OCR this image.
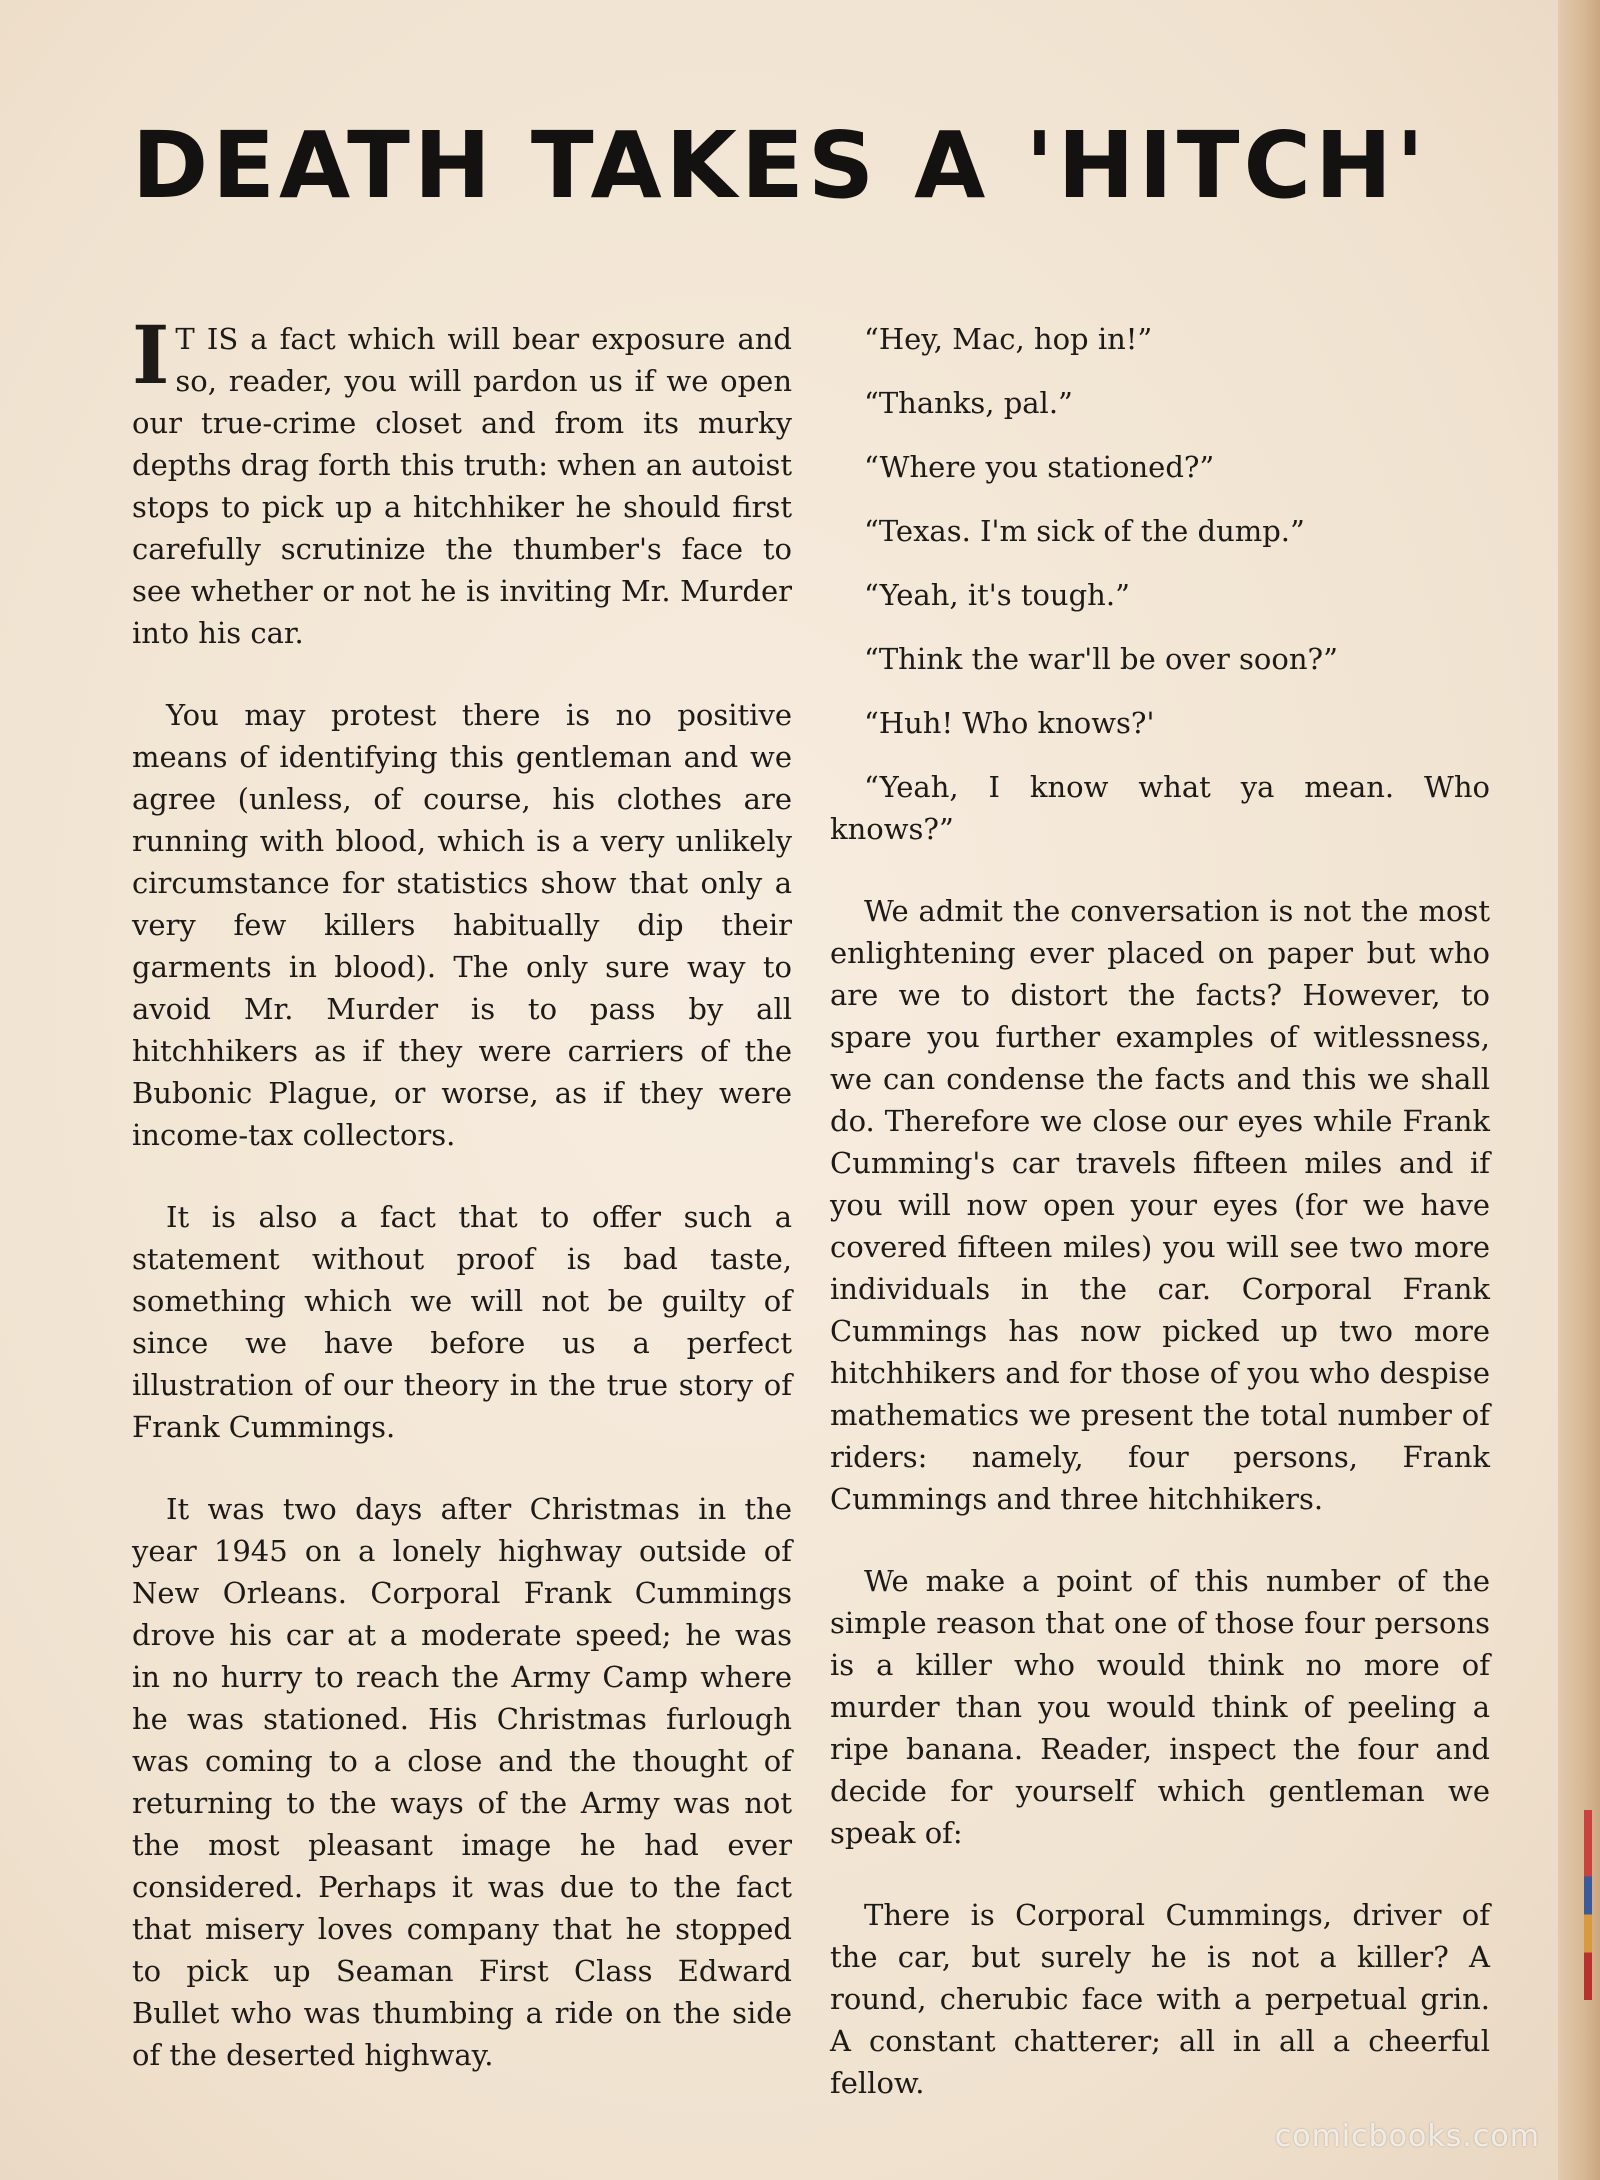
DEATH TAKES A 'HITCH'

I T IS a fact which will bear exposure and so, reader, you will pardon us if we open our true-crime closet and from its murky depths drag forth this truth: when an autoist stops to pick up a hitchhiker he should first carefully scrutinize the thumber's face to see whether or not he is inviting Mr. Murder into his car.

You may protest there is no positive means of identifying this gentleman and we agree (unless, of course, his clothes are running with blood, which is a very unlikely circumstance for statistics show that only a very few killers habitually dip their garments in blood). The only sure way to avoid Mr. Murder is to pass by all hitchhikers as if they were carriers of the Bubonic Plague, or worse, as if they were income-tax collectors.

It is also a fact that to offer such a statement without proof is bad taste, something which we will not be guilty of since we have before us a perfect illustration of our theory in the true story of Frank Cummings.

It was two days after Christmas in the year 1945 on a lonely highway outside of New Orleans. Corporal Frank Cummings drove his car at a moderate speed; he was in no hurry to reach the Army Camp where he was stationed. His Christmas furlough was coming to a close and the thought of returning to the ways of the Army was not the most pleasant image he had ever considered. Perhaps it was due to the fact that misery loves company that he stopped to pick up Seaman First Class Edward Bullet who was thumbing a ride on the side of the deserted highway.

“Hey, Mac, hop in!”

“Thanks, pal.”

“Where you stationed?”

“Texas. I'm sick of the dump.”

“Yeah, it's tough.”

“Think the war'll be over soon?”

“Huh! Who knows?'

“Yeah, I know what ya mean. Who knows?”

We admit the conversation is not the most enlightening ever placed on paper but who are we to distort the facts? However, to spare you further examples of witlessness, we can condense the facts and this we shall do. Therefore we close our eyes while Frank Cumming's car travels fifteen miles and if you will now open your eyes (for we have covered fifteen miles) you will see two more individuals in the car. Corporal Frank Cummings has now picked up two more hitchhikers and for those of you who despise mathematics we present the total number of riders: namely, four persons, Frank Cummings and three hitchhikers.

We make a point of this number of the simple reason that one of those four persons is a killer who would think no more of murder than you would think of peeling a ripe banana. Reader, inspect the four and decide for yourself which gentleman we speak of:

There is Corporal Cummings, driver of the car, but surely he is not a killer? A round, cherubic face with a perpetual grin. A constant chatterer; all in all a cheerful fellow.

comicbooks.com
